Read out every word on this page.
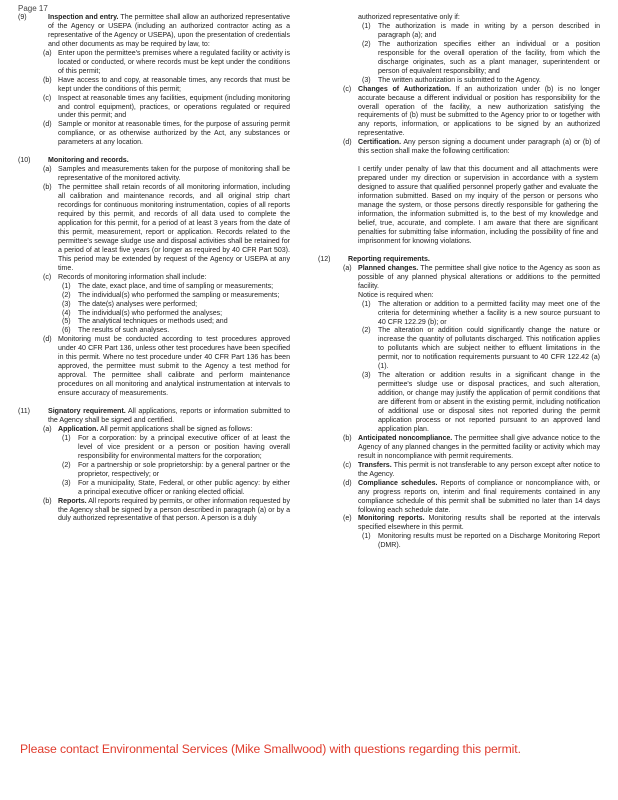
Page 17

(9)	Inspection and entry. The permittee shall allow an authorized representative of the Agency or USEPA (including an authorized contractor acting as a representative of the Agency or USEPA), upon the presentation of credentials and other documents as may be required by law, to:

(a) Enter upon the permittee's premises where a regulated facility or activity is located or conducted, or where records must be kept under the conditions of this permit;

(b) Have access to and copy, at reasonable times, any records that must be kept under the conditions of this permit;

(c) Inspect at reasonable times any facilities, equipment (including monitoring and control equipment), practices, or operations regulated or required under this permit; and

(d) Sample or monitor at reasonable times, for the purpose of assuring permit compliance, or as otherwise authorized by the Act, any substances or parameters at any location.

(10) Monitoring and records.

(a) Samples and measurements taken for the purpose of monitoring shall be representative of the monitored activity.

(b) The permittee shall retain records of all monitoring information, including all calibration and maintenance records, and all original strip chart recordings for continuous monitoring instrumentation, copies of all reports required by this permit, and records of all data used to complete the application for this permit, for a period of at least 3 years from the date of this permit, measurement, report or application. Records related to the permittee's sewage sludge use and disposal activities shall be retained for a period of at least five years (or longer as required by 40 CFR Part 503). This period may be extended by request of the Agency or USEPA at any time.

(c) Records of monitoring information shall include:

(1) The date, exact place, and time of sampling or measurements;

(2) The individual(s) who performed the sampling or measurements;

(3) The date(s) analyses were performed;

(4) The individual(s) who performed the analyses;

(5) The analytical techniques or methods used; and

(6) The results of such analyses.

(d) Monitoring must be conducted according to test procedures approved under 40 CFR Part 136, unless other test procedures have been specified in this permit. Where no test procedure under 40 CFR Part 136 has been approved, the permittee must submit to the Agency a test method for approval. The permittee shall calibrate and perform maintenance procedures on all monitoring and analytical instrumentation at intervals to ensure accuracy of measurements.

(11)	Signatory requirement. All applications, reports or information submitted to the Agency shall be signed and certified.

(a) Application. All permit applications shall be signed as follows:

(1) For a corporation: by a principal executive officer of at least the level of vice president or a person or position having overall responsibility for environmental matters for the corporation;

(2) For a partnership or sole proprietorship: by a general partner or the proprietor, respectively; or

(3) For a municipality, State, Federal, or other public agency: by either a principal executive officer or ranking elected official.

(b) Reports. All reports required by permits, or other information requested by the Agency shall be signed by a person described in paragraph (a) or by a duly authorized representative of that person. A person is a duly

authorized representative only if:

(1) The authorization is made in writing by a person described in paragraph (a); and

(2) The authorization specifies either an individual or a position responsible for the overall operation of the facility, from which the discharge originates, such as a plant manager, superintendent or person of equivalent responsibility; and

(3) The written authorization is submitted to the Agency.

(c) Changes of Authorization. If an authorization under (b) is no longer accurate because a different individual or position has responsibility for the overall operation of the facility, a new authorization satisfying the requirements of (b) must be submitted to the Agency prior to or together with any reports, information, or applications to be signed by an authorized representative.

(d) Certification. Any person signing a document under paragraph (a) or (b) of this section shall make the following certification:

I certify under penalty of law that this document and all attachments were prepared under my direction or supervision in accordance with a system designed to assure that qualified personnel properly gather and evaluate the information submitted. Based on my inquiry of the person or persons who manage the system, or those persons directly responsible for gathering the information, the information submitted is, to the best of my knowledge and belief, true, accurate, and complete. I am aware that there are significant penalties for submitting false information, including the possibility of fine and imprisonment for knowing violations.

(12) Reporting requirements.

(a) Planned changes. The permittee shall give notice to the Agency as soon as possible of any planned physical alterations or additions to the permitted facility.

Notice is required when:

(1) The alteration or addition to a permitted facility may meet one of the criteria for determining whether a facility is a new source pursuant to 40 CFR 122.29 (b); or

(2) The alteration or addition could significantly change the nature or increase the quantity of pollutants discharged. This notification applies to pollutants which are subject neither to effluent limitations in the permit, nor to notification requirements pursuant to 40 CFR 122.42 (a)(1).

(3) The alteration or addition results in a significant change in the permittee's sludge use or disposal practices, and such alteration, addition, or change may justify the application of permit conditions that are different from or absent in the existing permit, including notification of additional use or disposal sites not reported during the permit application process or not reported pursuant to an approved land application plan.

(b) Anticipated noncompliance. The permittee shall give advance notice to the Agency of any planned changes in the permitted facility or activity which may result in noncompliance with permit requirements.

(c) Transfers. This permit is not transferable to any person except after notice to the Agency.

(d) Compliance schedules. Reports of compliance or noncompliance with, or any progress reports on, interim and final requirements contained in any compliance schedule of this permit shall be submitted no later than 14 days following each schedule date.

(e) Monitoring reports. Monitoring results shall be reported at the intervals specified elsewhere in this permit.

(1) Monitoring results must be reported on a Discharge Monitoring Report (DMR).

Please contact Environmental Services (Mike Smallwood) with questions regarding this permit.
